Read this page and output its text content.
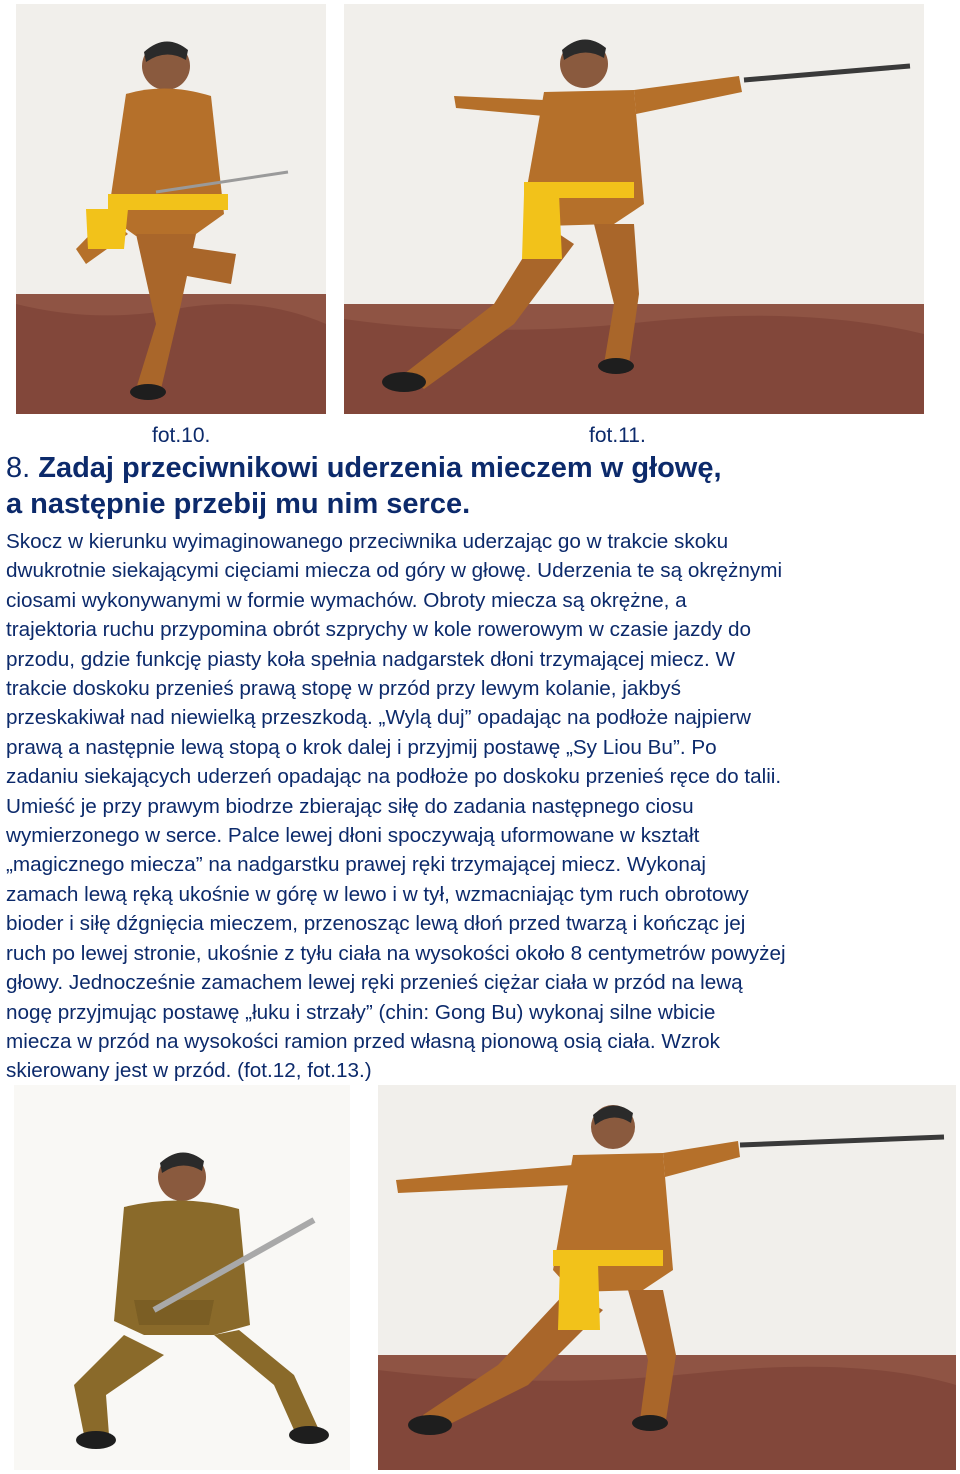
fot.10.	fot.11.
8. Zadaj przeciwnikowi uderzenia mieczem w głowę,
a następnie przebij mu nim serce.
Skocz w kierunku wyimaginowanego przeciwnika uderzając go w trakcie skoku
dwukrotnie siekającymi cięciami miecza od góry w głowę. Uderzenia te są okrężnymi
ciosami wykonywanymi w formie wymachów. Obroty miecza są okrężne, a
trajektoria ruchu przypomina obrót szprychy w kole rowerowym w czasie jazdy do
przodu, gdzie funkcję piasty koła spełnia nadgarstek dłoni trzymającej miecz. W
trakcie doskoku przenieś prawą stopę w przód przy lewym kolanie, jakbyś
przeskakiwał nad niewielką przeszkodą. „Wylą duj” opadając na podłoże najpierw
prawą a następnie lewą stopą o krok dalej i przyjmij postawę „Sy Liou Bu”. Po
zadaniu siekających uderzeń opadając na podłoże po doskoku przenieś ręce do talii.
Umieść je przy prawym biodrze zbierając siłę do zadania następnego ciosu
wymierzonego w serce. Palce lewej dłoni spoczywają uformowane w kształt
„magicznego miecza” na nadgarstku prawej ręki trzymającej miecz. Wykonaj
zamach lewą ręką ukośnie w górę w lewo i w tył, wzmacniając tym ruch obrotowy
bioder i siłę dźgnięcia mieczem, przenosząc lewą dłoń przed twarzą i kończąc jej
ruch po lewej stronie, ukośnie z tyłu ciała na wysokości około 8 centymetrów powyżej
głowy. Jednocześnie zamachem lewej ręki przenieś ciężar ciała w przód na lewą
nogę przyjmując postawę „łuku i strzały” (chin: Gong Bu) wykonaj silne wbicie
miecza w przód na wysokości ramion przed własną pionową osią ciała. Wzrok
skierowany jest w przód. (fot.12, fot.13.)
